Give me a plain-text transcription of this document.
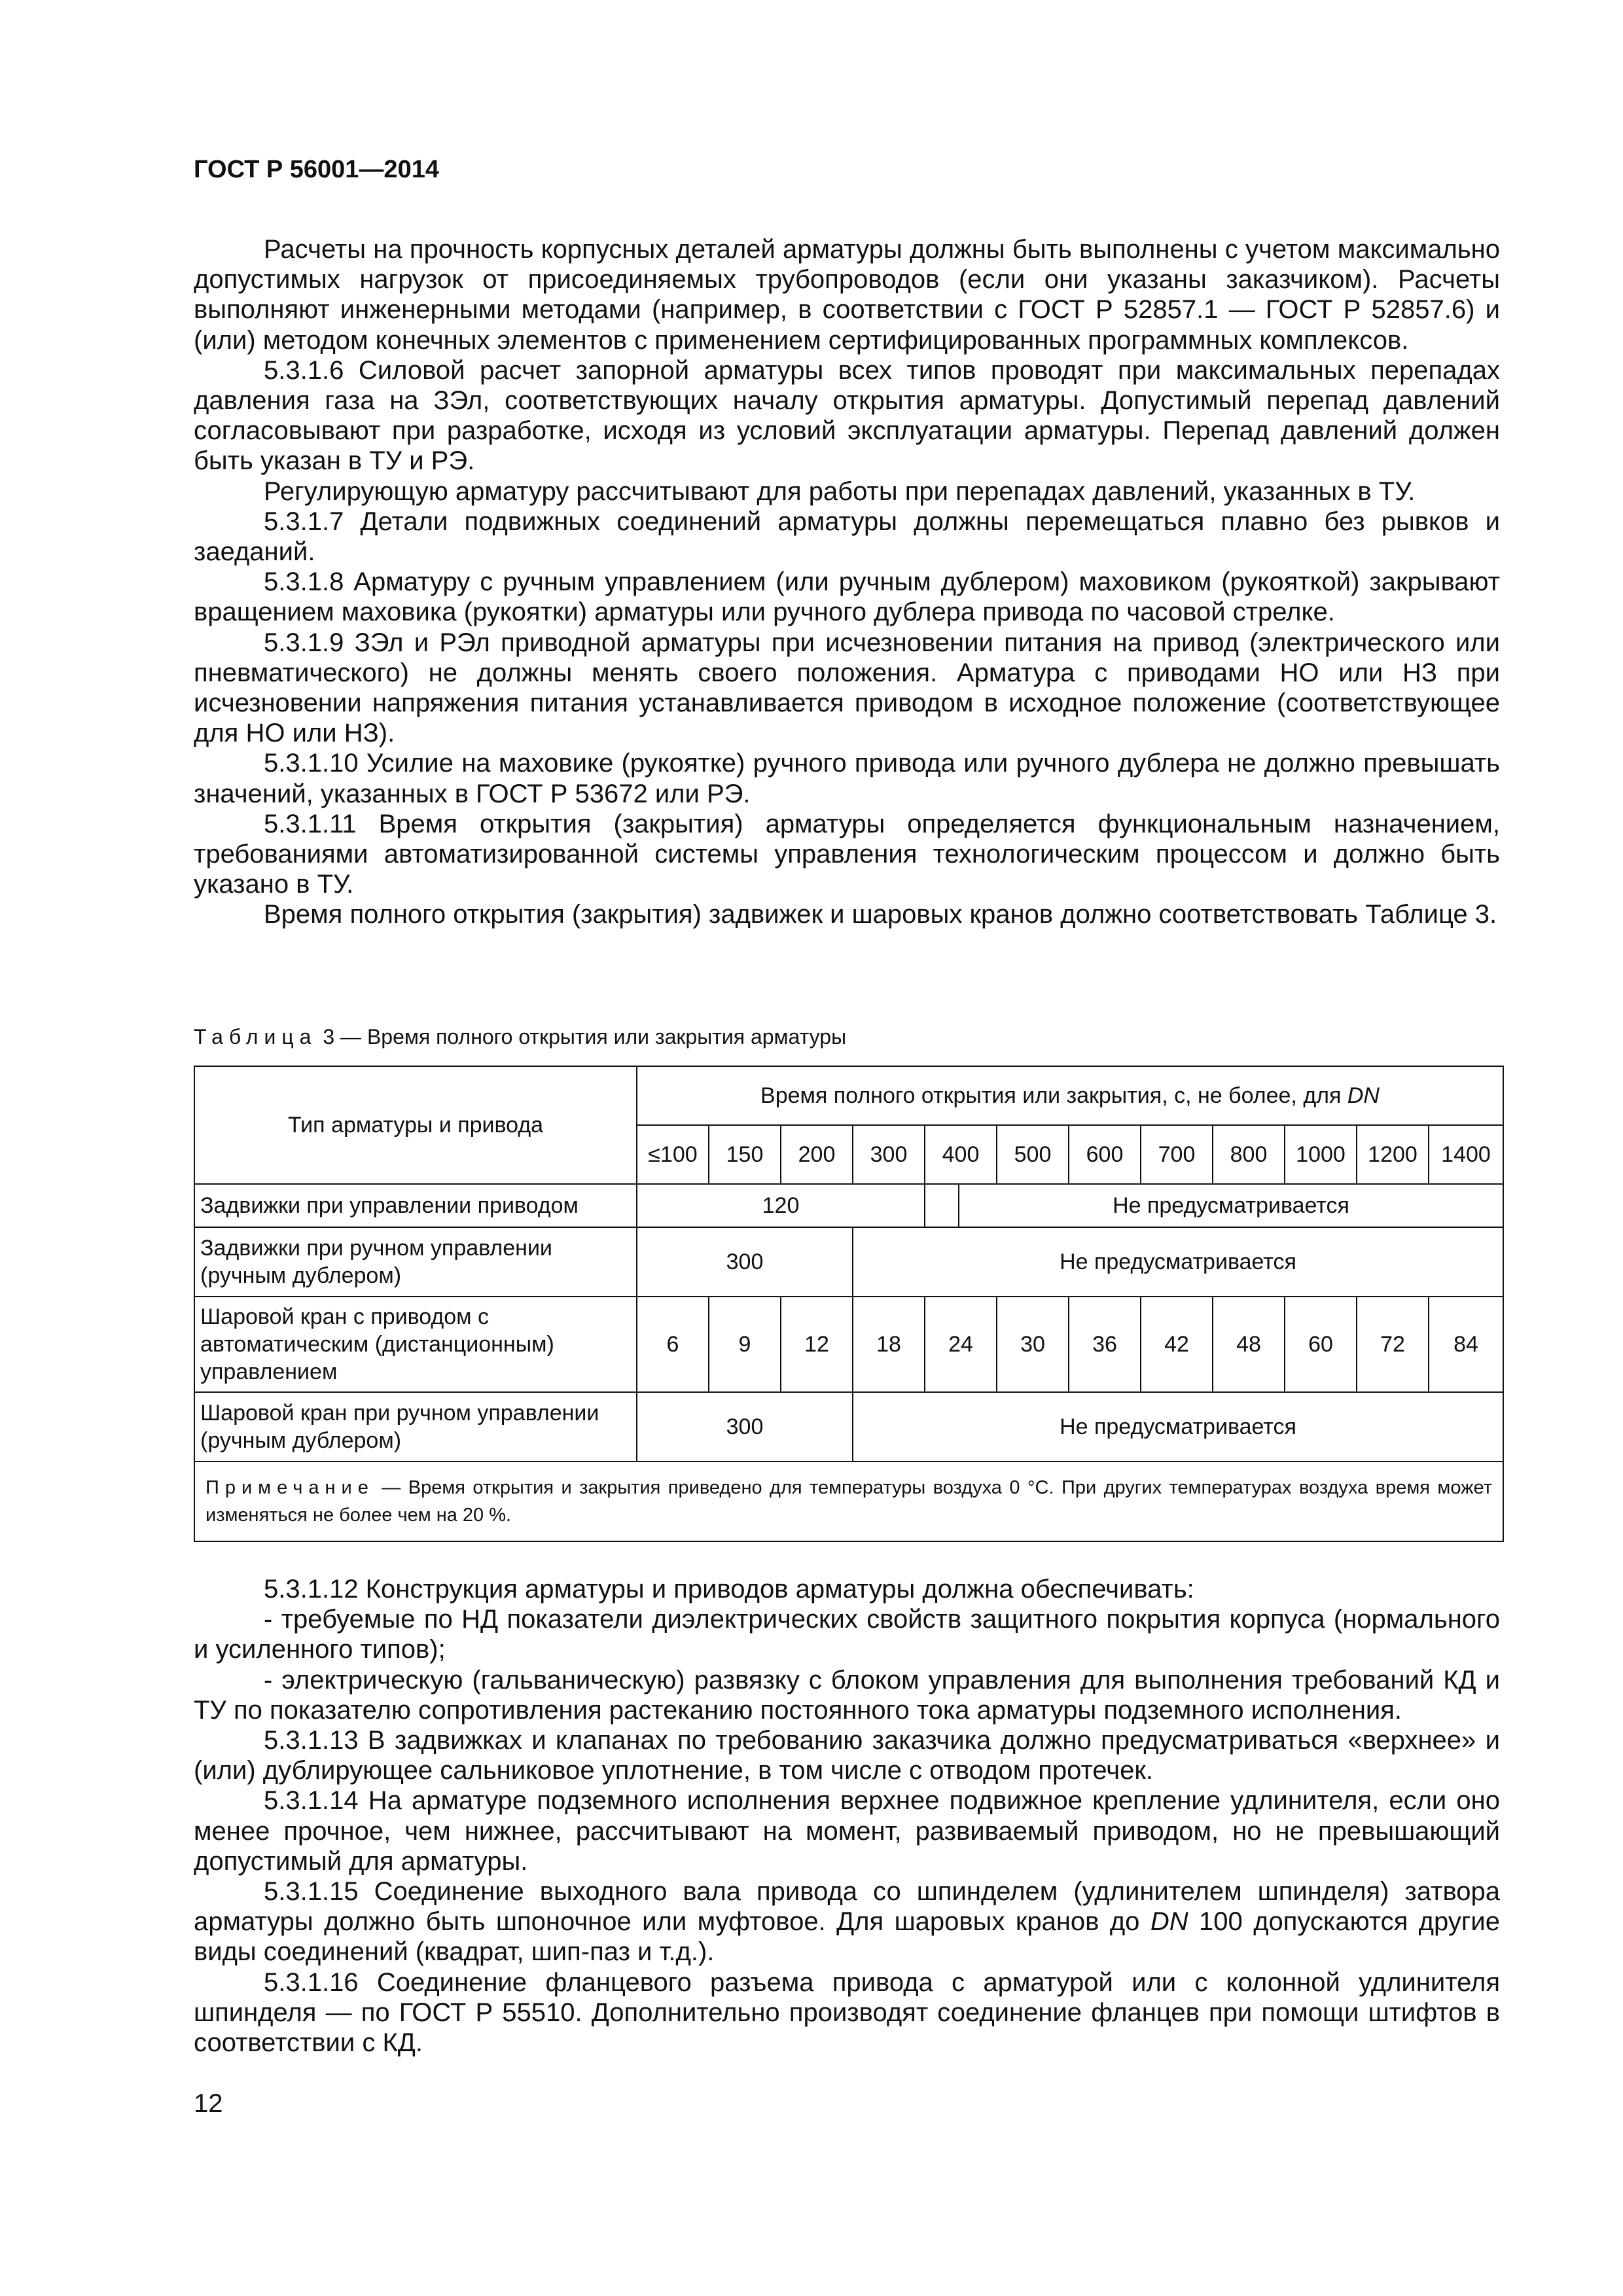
ГОСТ Р 56001—2014

Расчеты на прочность корпусных деталей арматуры должны быть выполнены с учетом максимально допустимых нагрузок от присоединяемых трубопроводов (если они указаны заказчиком). Расчеты выполняют инженерными методами (например, в соответствии с ГОСТ Р 52857.1 — ГОСТ Р 52857.6) и (или) методом конечных элементов с применением сертифицированных программных комплексов.

5.3.1.6 Силовой расчет запорной арматуры всех типов проводят при максимальных перепадах давления газа на ЗЭл, соответствующих началу открытия арматуры. Допустимый перепад давлений согласовывают при разработке, исходя из условий эксплуатации арматуры. Перепад давлений должен быть указан в ТУ и РЭ.

Регулирующую арматуру рассчитывают для работы при перепадах давлений, указанных в ТУ.

5.3.1.7 Детали подвижных соединений арматуры должны перемещаться плавно без рывков и заеданий.

5.3.1.8 Арматуру с ручным управлением (или ручным дублером) маховиком (рукояткой) закрывают вращением маховика (рукоятки) арматуры или ручного дублера привода по часовой стрелке.

5.3.1.9 ЗЭл и РЭл приводной арматуры при исчезновении питания на привод (электрического или пневматического) не должны менять своего положения. Арматура с приводами НО или НЗ при исчезновении напряжения питания устанавливается приводом в исходное положение (соответствующее для НО или НЗ).

5.3.1.10 Усилие на маховике (рукоятке) ручного привода или ручного дублера не должно превышать значений, указанных в ГОСТ Р 53672 или РЭ.

5.3.1.11 Время открытия (закрытия) арматуры определяется функциональным назначением, требованиями автоматизированной системы управления технологическим процессом и должно быть указано в ТУ.

Время полного открытия (закрытия) задвижек и шаровых кранов должно соответствовать Таблице 3.

Таблица 3 — Время полного открытия или закрытия арматуры
Тип арматуры и привода	Время полного открытия или закрытия, с, не более, для DN											
	≤100	150	200	300	400	500	600	700	800	1000	1200	1400
Задвижки при управлении приводом	120				Не предусматривается							
Задвижки при ручном управлении (ручным дублером)	300			Не предусматривается								
Шаровой кран с приводом с автоматическим (дистанционным) управлением	6	9	12	18	24	30	36	42	48	60	72	84
Шаровой кран при ручном управлении (ручным дублером)	300			Не предусматривается								
Примечание — Время открытия и закрытия приведено для температуры воздуха 0 °С. При других температурах воздуха время может изменяться не более чем на 20 %.												

5.3.1.12 Конструкция арматуры и приводов арматуры должна обеспечивать:

- требуемые по НД показатели диэлектрических свойств защитного покрытия корпуса (нормального и усиленного типов);

- электрическую (гальваническую) развязку с блоком управления для выполнения требований КД и ТУ по показателю сопротивления растеканию постоянного тока арматуры подземного исполнения.

5.3.1.13 В задвижках и клапанах по требованию заказчика должно предусматриваться «верхнее» и (или) дублирующее сальниковое уплотнение, в том числе с отводом протечек.

5.3.1.14 На арматуре подземного исполнения верхнее подвижное крепление удлинителя, если оно менее прочное, чем нижнее, рассчитывают на момент, развиваемый приводом, но не превышающий допустимый для арматуры.

5.3.1.15 Соединение выходного вала привода со шпинделем (удлинителем шпинделя) затвора арматуры должно быть шпоночное или муфтовое. Для шаровых кранов до DN 100 допускаются другие виды соединений (квадрат, шип-паз и т.д.).

5.3.1.16 Соединение фланцевого разъема привода с арматурой или с колонной удлинителя шпинделя — по ГОСТ Р 55510. Дополнительно производят соединение фланцев при помощи штифтов в соответствии с КД.

12
